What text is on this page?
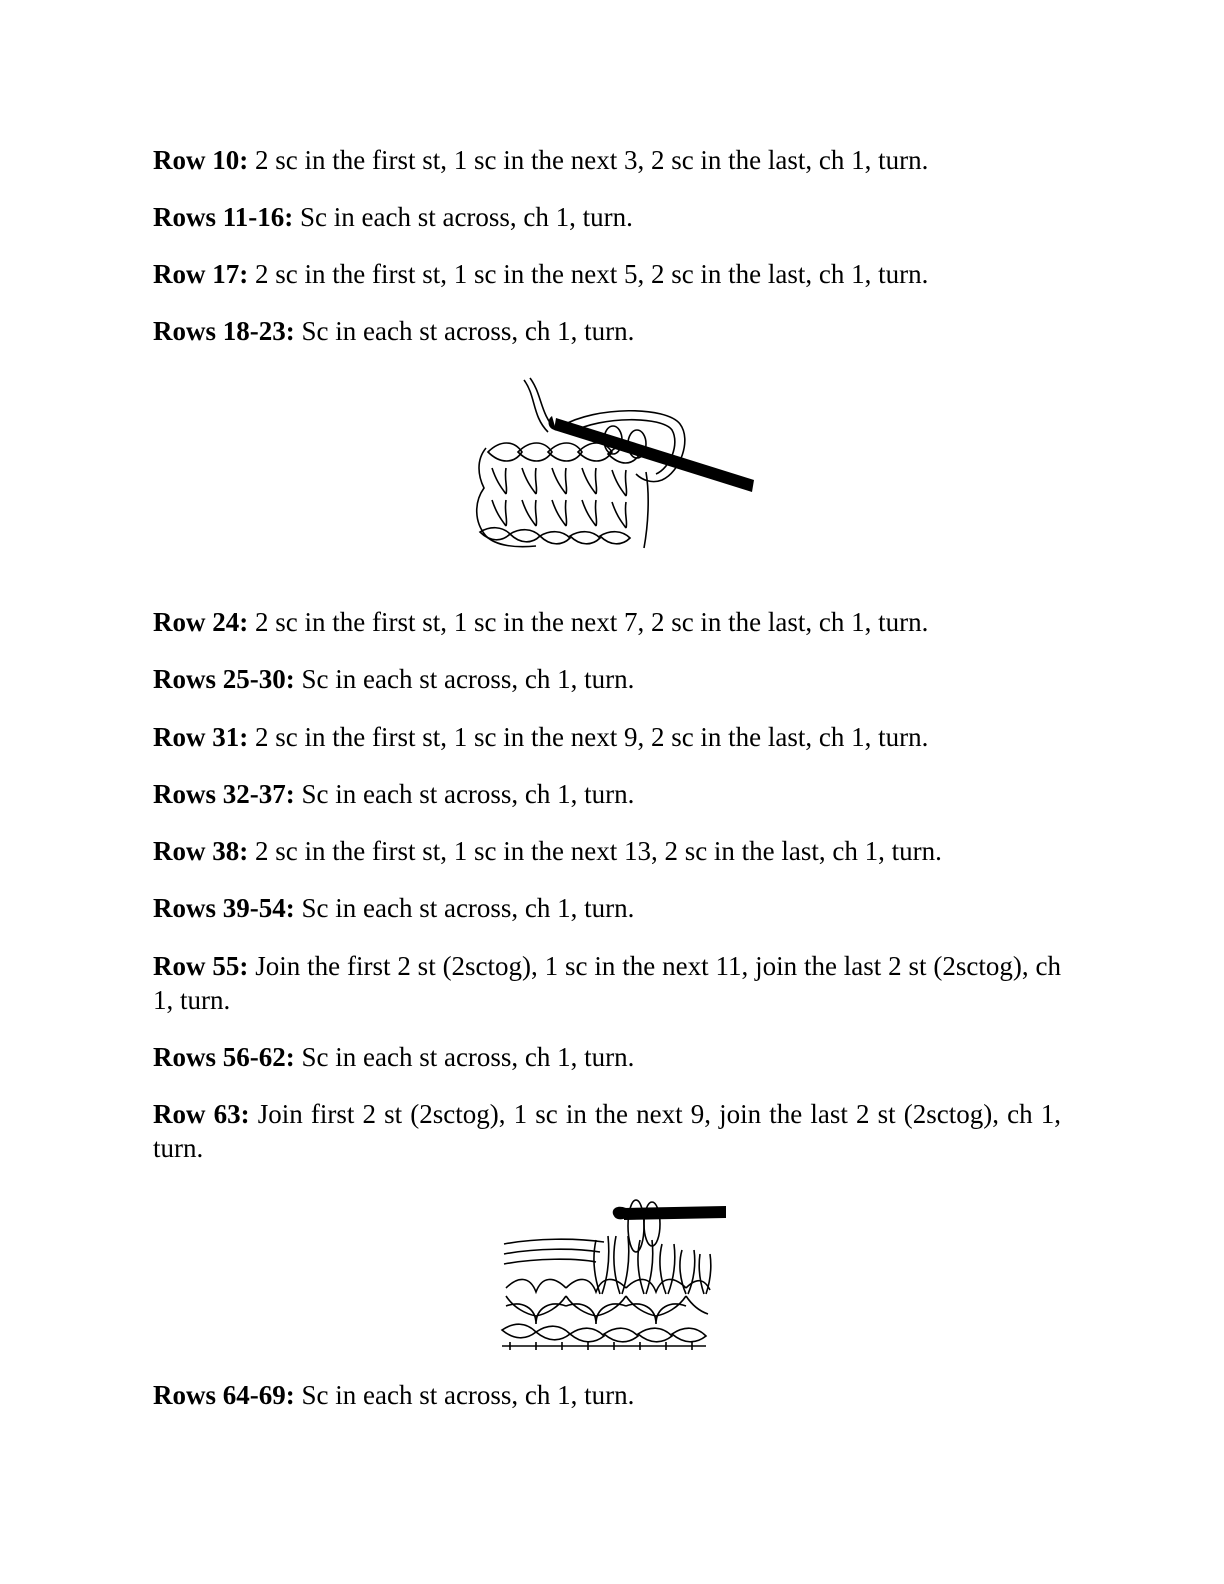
Row 10: 2 sc in the first st, 1 sc in the next 3, 2 sc in the last, ch 1, turn.

Rows 11-16: Sc in each st across, ch 1, turn.

Row 17: 2 sc in the first st, 1 sc in the next 5, 2 sc in the last, ch 1, turn.

Rows 18-23: Sc in each st across, ch 1, turn.

Row 24: 2 sc in the first st, 1 sc in the next 7, 2 sc in the last, ch 1, turn.

Rows 25-30: Sc in each st across, ch 1, turn.

Row 31: 2 sc in the first st, 1 sc in the next 9, 2 sc in the last, ch 1, turn.

Rows 32-37: Sc in each st across, ch 1, turn.

Row 38: 2 sc in the first st, 1 sc in the next 13, 2 sc in the last, ch 1, turn.

Rows 39-54: Sc in each st across, ch 1, turn.

Row 55: Join the first 2 st (2sctog), 1 sc in the next 11, join the last 2 st (2sctog), ch 1, turn.

Rows 56-62: Sc in each st across, ch 1, turn.

Row 63: Join first 2 st (2sctog), 1 sc in the next 9, join the last 2 st (2sctog), ch 1, turn.

Rows 64-69: Sc in each st across, ch 1, turn.
